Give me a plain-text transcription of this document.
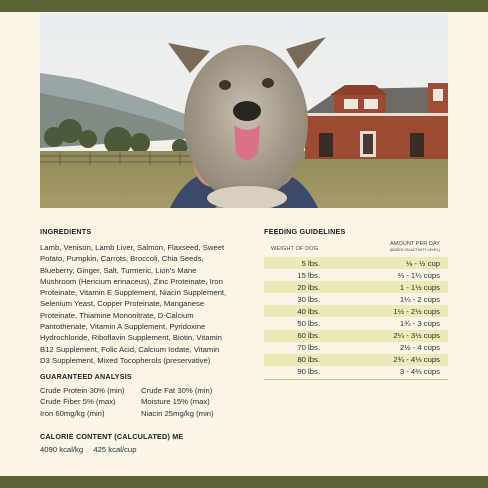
INGREDIENTS
Lamb, Venison, Lamb Liver, Salmon, Flaxseed, Sweet
Potato, Pumpkin, Carrots, Broccoli, Chia Seeds,
Blueberry, Ginger, Salt, Turmeric, Lion's Mane
Mushroom (Hericium erinaceus), Zinc Proteinate, Iron
Proteinate, Vitamin E Supplement, Niacin Supplement,
Selenium Yeast, Copper Proteinate, Manganese
Proteinate, Thiamine Mononitrate, D-Calcium
Pantothenate, Vitamin A Supplement, Pyridoxine
Hydrochloride, Riboflavin Supplement, Biotin, Vitamin
B12 Supplement, Folic Acid, Calcium Iodate, Vitamin
D3 Supplement, Mixed Tocopherols (preservative)
GUARANTEED ANALYSIS
Crude Protein 30% (min)	Crude Fat 30% (min)
Crude Fiber 5% (max)	Moisture 15% (max)
Iron 60mg/kg (min)	Niacin 25mg/kg (min)
CALORIE CONTENT (CALCULATED) ME
4090 kcal/kg 425 kcal/cup
FEEDING GUIDELINES
WEIGHT OF DOG
AMOUNT PER DAY
(BASED ON ACTIVITY LEVEL)
5 lbs.	⅛ - ½ cup
15 lbs.	⅔ - 1¼ cups
20 lbs.	1 - 1½ cups
30 lbs.	1¼ - 2 cups
40 lbs.	1½ - 2½ cups
50 lbs.	1¾ - 3 cups
60 lbs.	2¼ - 3½ cups
70 lbs.	2½ - 4 cups
80 lbs.	2¾ - 4⅓ cups
90 lbs.	3 - 4⅔ cups
